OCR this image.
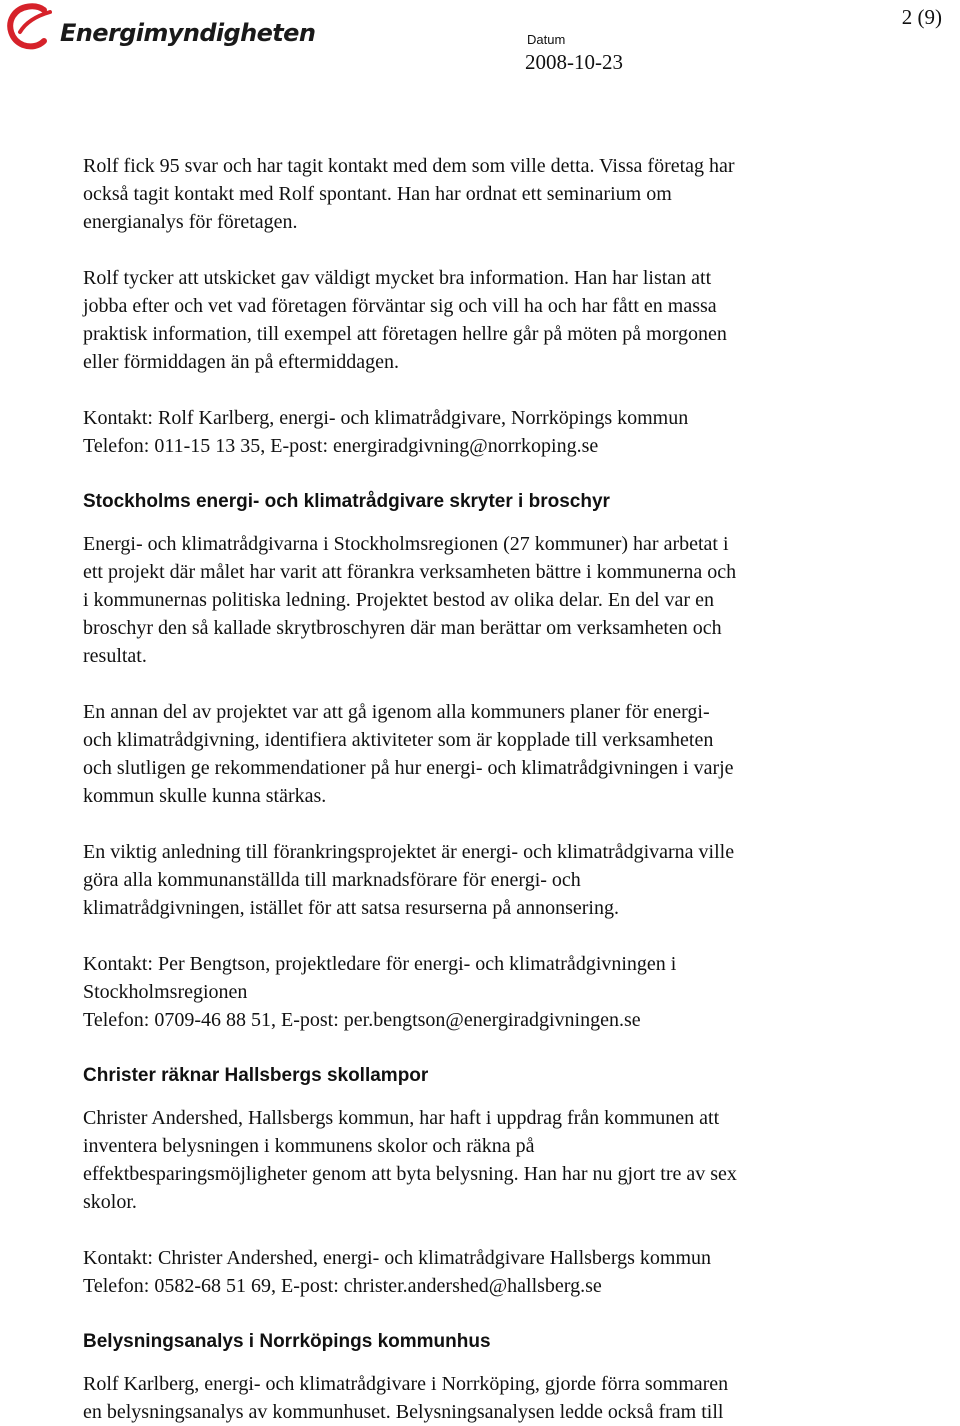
Energimyndigheten	Datum
2008-10-23
2 (9)

Rolf fick 95 svar och har tagit kontakt med dem som ville detta. Vissa företag har
också tagit kontakt med Rolf spontant. Han har ordnat ett seminarium om
energianalys för företagen.

Rolf tycker att utskicket gav väldigt mycket bra information. Han har listan att
jobba efter och vet vad företagen förväntar sig och vill ha och har fått en massa
praktisk information, till exempel att företagen hellre går på möten på morgonen
eller förmiddagen än på eftermiddagen.

Kontakt: Rolf Karlberg, energi- och klimatrådgivare, Norrköpings kommun
Telefon: 011-15 13 35, E-post: energiradgivning@norrkoping.se

Stockholms energi- och klimatrådgivare skryter i broschyr

Energi- och klimatrådgivarna i Stockholmsregionen (27 kommuner) har arbetat i
ett projekt där målet har varit att förankra verksamheten bättre i kommunerna och
i kommunernas politiska ledning. Projektet bestod av olika delar. En del var en
broschyr den så kallade skrytbroschyren där man berättar om verksamheten och
resultat.

En annan del av projektet var att gå igenom alla kommuners planer för energi-
och klimatrådgivning, identifiera aktiviteter som är kopplade till verksamheten
och slutligen ge rekommendationer på hur energi- och klimatrådgivningen i varje
kommun skulle kunna stärkas.

En viktig anledning till förankringsprojektet är energi- och klimatrådgivarna ville
göra alla kommunanställda till marknadsförare för energi- och
klimatrådgivningen, istället för att satsa resurserna på annonsering.

Kontakt: Per Bengtson, projektledare för energi- och klimatrådgivningen i
Stockholmsregionen
Telefon: 0709-46 88 51, E-post: per.bengtson@energiradgivningen.se

Christer räknar Hallsbergs skollampor

Christer Andershed, Hallsbergs kommun, har haft i uppdrag från kommunen att
inventera belysningen i kommunens skolor och räkna på
effektbesparingsmöjligheter genom att byta belysning. Han har nu gjort tre av sex
skolor.

Kontakt: Christer Andershed, energi- och klimatrådgivare Hallsbergs kommun
Telefon: 0582-68 51 69, E-post: christer.andershed@hallsberg.se

Belysningsanalys i Norrköpings kommunhus

Rolf Karlberg, energi- och klimatrådgivare i Norrköping, gjorde förra sommaren
en belysningsanalys av kommunhuset. Belysningsanalysen ledde också fram till
